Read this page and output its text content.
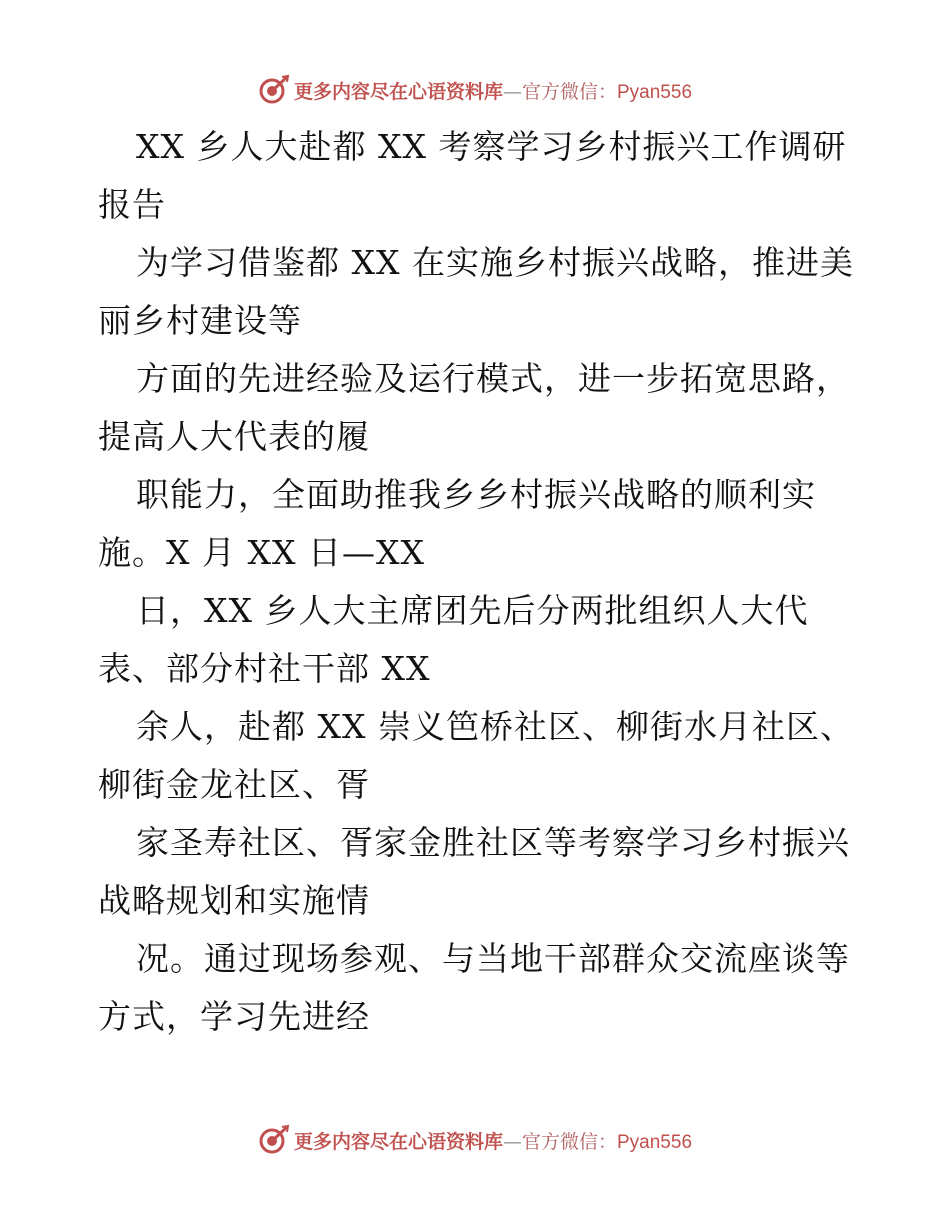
更多内容尽在心语资料库—官方微信：Pyan556
XX 乡人大赴都 XX 考察学习乡村振兴工作调研
报告
为学习借鉴都 XX 在实施乡村振兴战略，推进美
丽乡村建设等
方面的先进经验及运行模式，进一步拓宽思路，
提高人大代表的履
职能力，全面助推我乡乡村振兴战略的顺利实
施。X 月 XX 日—XX
日，XX 乡人大主席团先后分两批组织人大代
表、部分村社干部 XX
余人，赴都 XX 崇义笆桥社区、柳街水月社区、
柳街金龙社区、胥
家圣寿社区、胥家金胜社区等考察学习乡村振兴
战略规划和实施情
况。通过现场参观、与当地干部群众交流座谈等
方式，学习先进经
更多内容尽在心语资料库—官方微信：Pyan556
